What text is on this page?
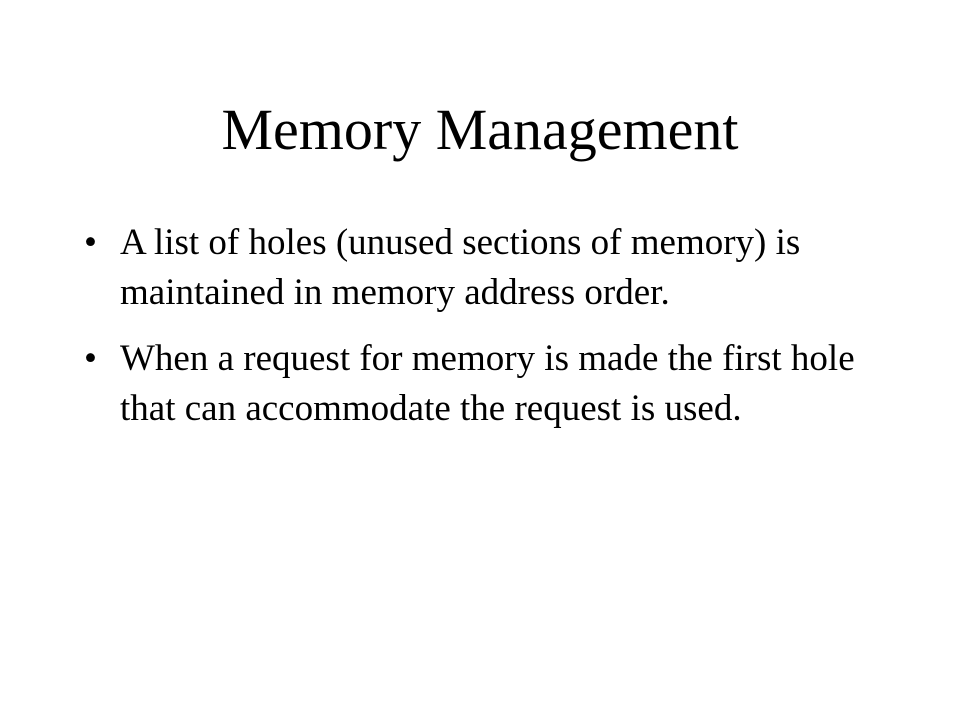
Memory Management
• A list of holes (unused sections of memory) is maintained in memory address order.
• When a request for memory is made the first hole that can accommodate the request is used.
